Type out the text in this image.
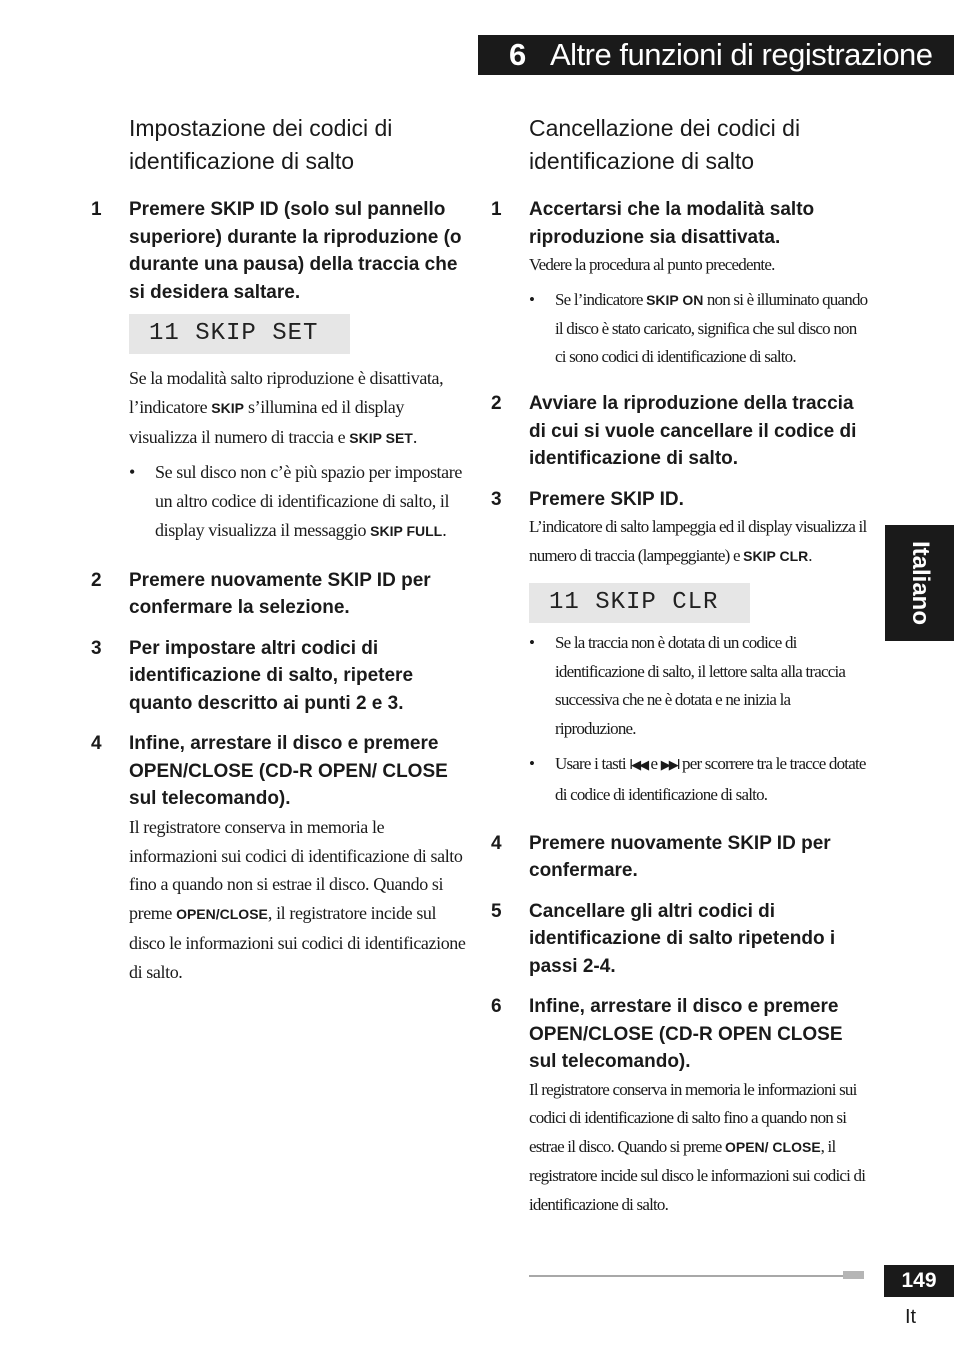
6 Altre funzioni di registrazione
Impostazione dei codici di identificazione di salto
1 Premere SKIP ID (solo sul pannello superiore) durante la riproduzione (o durante una pausa) della traccia che si desidera saltare.
11 SKIP SET
Se la modalità salto riproduzione è disattivata, l’indicatore SKIP s’illumina ed il display visualizza il numero di traccia e SKIP SET.
• Se sul disco non c’è più spazio per impostare un altro codice di identificazione di salto, il display visualizza il messaggio SKIP FULL.
2 Premere nuovamente SKIP ID per confermare la selezione.
3 Per impostare altri codici di identificazione di salto, ripetere quanto descritto ai punti 2 e 3.
4 Infine, arrestare il disco e premere OPEN/CLOSE (CD-R OPEN/ CLOSE sul telecomando).
Il registratore conserva in memoria le informazioni sui codici di identificazione di salto fino a quando non si estrae il disco. Quando si preme OPEN/CLOSE, il registratore incide sul disco le informazioni sui codici di identificazione di salto.
Cancellazione dei codici di identificazione di salto
1 Accertarsi che la modalità salto riproduzione sia disattivata.
Vedere la procedura al punto precedente.
• Se l’indicatore SKIP ON non si è illuminato quando il disco è stato caricato, significa che sul disco non ci sono codici di identificazione di salto.
2 Avviare la riproduzione della traccia di cui si vuole cancellare il codice di identificazione di salto.
3 Premere SKIP ID.
L’indicatore di salto lampeggia ed il display visualizza il numero di traccia (lampeggiante) e SKIP CLR.
11 SKIP CLR
• Se la traccia non è dotata di un codice di identificazione di salto, il lettore salta alla traccia successiva che ne è dotata e ne inizia la riproduzione.
• Usare i tasti I◀◀ e ▶▶I per scorrere tra le tracce dotate di codice di identificazione di salto.
4 Premere nuovamente SKIP ID per confermare.
5 Cancellare gli altri codici di identificazione di salto ripetendo i passi 2-4.
6 Infine, arrestare il disco e premere OPEN/CLOSE (CD-R OPEN CLOSE sul telecomando).
Il registratore conserva in memoria le informazioni sui codici di identificazione di salto fino a quando non si estrae il disco. Quando si preme OPEN/ CLOSE, il registratore incide sul disco le informazioni sui codici di identificazione di salto.
Italiano
149
It
